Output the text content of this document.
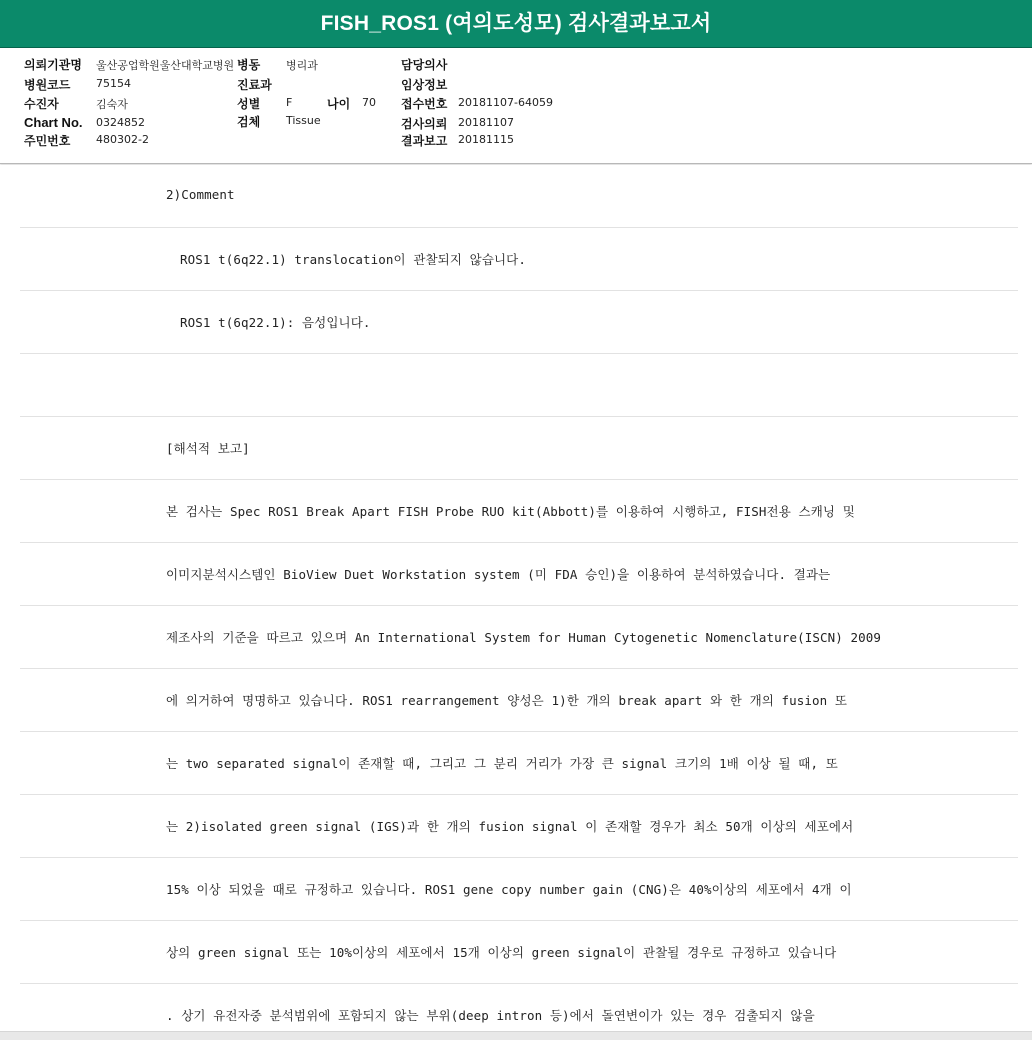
FISH_ROS1 (여의도성모) 검사결과보고서
의뢰기관명 울산공업학원울산대학교병원 병동 병리과	담당의사
병원코드 75154	진료과	임상정보
수진자	김숙자	성별 F	나이 70 접수번호 20181107-64059
Chart No. 0324852	검체 Tissue	검사의뢰 20181107
주민번호 480302-2	결과보고 20181115
2)Comment
ROS1 t(6q22.1) translocation이 관찰되지 않습니다.
ROS1 t(6q22.1): 음성입니다.
[해석적 보고]
본 검사는 Spec ROS1 Break Apart FISH Probe RUO kit(Abbott)를 이용하여 시행하고, FISH전용 스캐닝 및
이미지분석시스템인 BioView Duet Workstation system (미 FDA 승인)을 이용하여 분석하였습니다. 결과는
제조사의 기준을 따르고 있으며 An International System for Human Cytogenetic Nomenclature(ISCN) 2009
에 의거하여 명명하고 있습니다. ROS1 rearrangement 양성은 1)한 개의 break apart 와 한 개의 fusion 또
는 two separated signal이 존재할 때, 그리고 그 분리 거리가 가장 큰 signal 크기의 1배 이상 될 때, 또
는 2)isolated green signal (IGS)과 한 개의 fusion signal 이 존재할 경우가 최소 50개 이상의 세포에서
15% 이상 되었을 때로 규정하고 있습니다. ROS1 gene copy number gain (CNG)은 40%이상의 세포에서 4개 이
상의 green signal 또는 10%이상의 세포에서 15개 이상의 green signal이 관찰될 경우로 규정하고 있습니다
. 상기 유전자중 분석범위에 포함되지 않는 부위(deep intron 등)에서 돌연변이가 있는 경우 검출되지 않을
